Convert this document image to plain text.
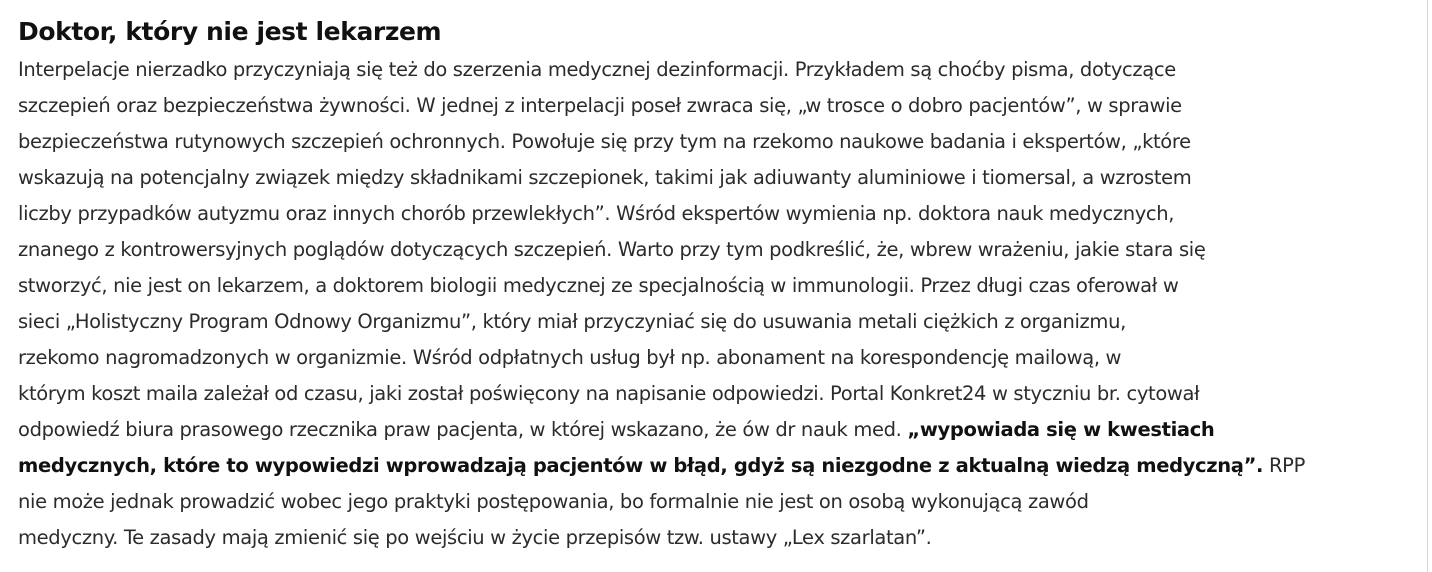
Doktor, który nie jest lekarzem

Interpelacje nierzadko przyczyniają się też do szerzenia medycznej dezinformacji. Przykładem są choćby pisma, dotyczące
szczepień oraz bezpieczeństwa żywności. W jednej z interpelacji poseł zwraca się, „w trosce o dobro pacjentów”, w sprawie
bezpieczeństwa rutynowych szczepień ochronnych. Powołuje się przy tym na rzekomo naukowe badania i ekspertów, „które
wskazują na potencjalny związek między składnikami szczepionek, takimi jak adiuwanty aluminiowe i tiomersal, a wzrostem
liczby przypadków autyzmu oraz innych chorób przewlekłych”. Wśród ekspertów wymienia np. doktora nauk medycznych,
znanego z kontrowersyjnych poglądów dotyczących szczepień. Warto przy tym podkreślić, że, wbrew wrażeniu, jakie stara się
stworzyć, nie jest on lekarzem, a doktorem biologii medycznej ze specjalnością w immunologii. Przez długi czas oferował w
sieci „Holistyczny Program Odnowy Organizmu”, który miał przyczyniać się do usuwania metali ciężkich z organizmu,
rzekomo nagromadzonych w organizmie. Wśród odpłatnych usług był np. abonament na korespondencję mailową, w
którym koszt maila zależał od czasu, jaki został poświęcony na napisanie odpowiedzi. Portal Konkret24 w styczniu br. cytował
odpowiedź biura prasowego rzecznika praw pacjenta, w której wskazano, że ów dr nauk med. „wypowiada się w kwestiach
medycznych, które to wypowiedzi wprowadzają pacjentów w błąd, gdyż są niezgodne z aktualną wiedzą medyczną”. RPP
nie może jednak prowadzić wobec jego praktyki postępowania, bo formalnie nie jest on osobą wykonującą zawód
medyczny. Te zasady mają zmienić się po wejściu w życie przepisów tzw. ustawy „Lex szarlatan”.
